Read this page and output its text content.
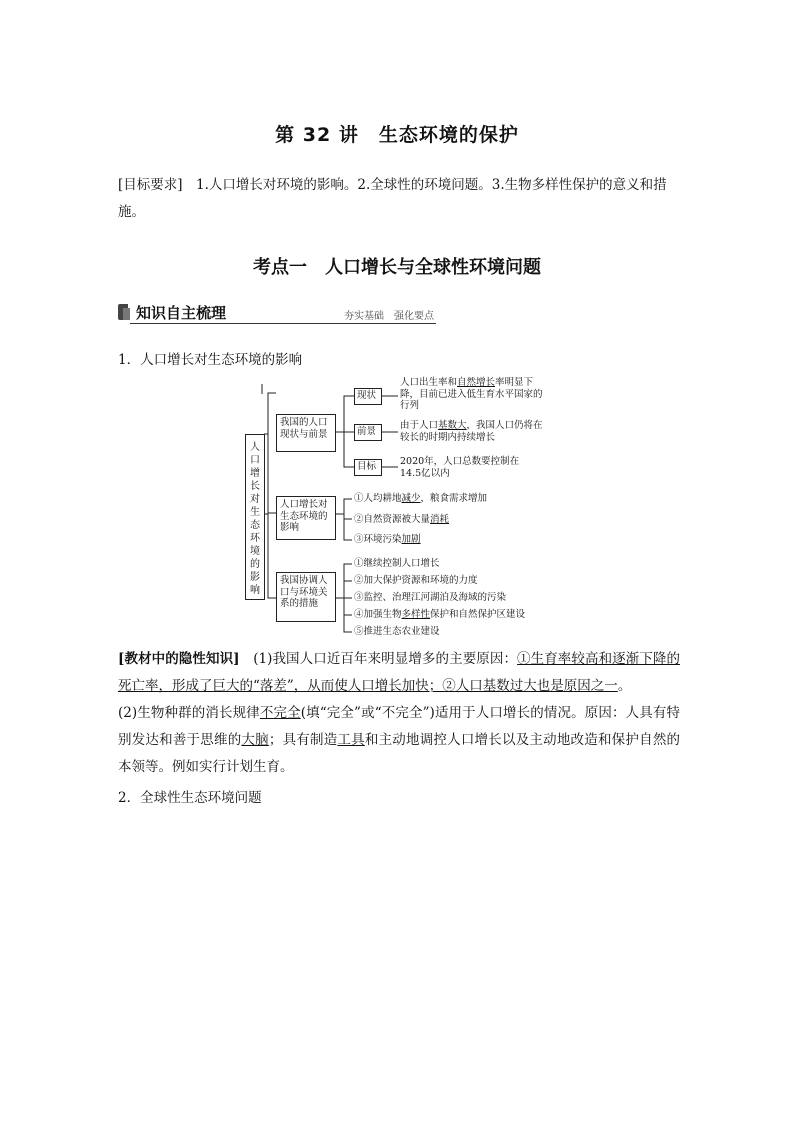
第 32 讲　生态环境的保护

[目标要求]　1.人口增长对环境的影响。2.全球性的环境问题。3.生物多样性保护的意义和措施。

考点一　人口增长与全球性环境问题
知识自主梳理	夯实基础　强化要点

1．人口增长对生态环境的影响

人口增长对生态环境的影响
我国的人口现状与前景
人口增长对生态环境的影响
我国协调人口与环境关系的措施
现状
前景
目标
人口出生率和自然增长率明显下降，目前已进入低生育水平国家的行列
由于人口基数大，我国人口仍将在较长的时期内持续增长
2020年，人口总数要控制在14.5亿以内
①人均耕地减少，粮食需求增加
②自然资源被大量消耗
③环境污染加剧
①继续控制人口增长
②加大保护资源和环境的力度
③监控、治理江河湖泊及海域的污染
④加强生物多样性保护和自然保护区建设
⑤推进生态农业建设

[教材中的隐性知识]　(1)我国人口近百年来明显增多的主要原因：①生育率较高和逐渐下降的死亡率，形成了巨大的“落差”，从而使人口增长加快；②人口基数过大也是原因之一。

(2)生物种群的消长规律不完全(填“完全”或“不完全”)适用于人口增长的情况。原因：人具有特别发达和善于思维的大脑；具有制造工具和主动地调控人口增长以及主动地改造和保护自然的本领等。例如实行计划生育。

2．全球性生态环境问题
